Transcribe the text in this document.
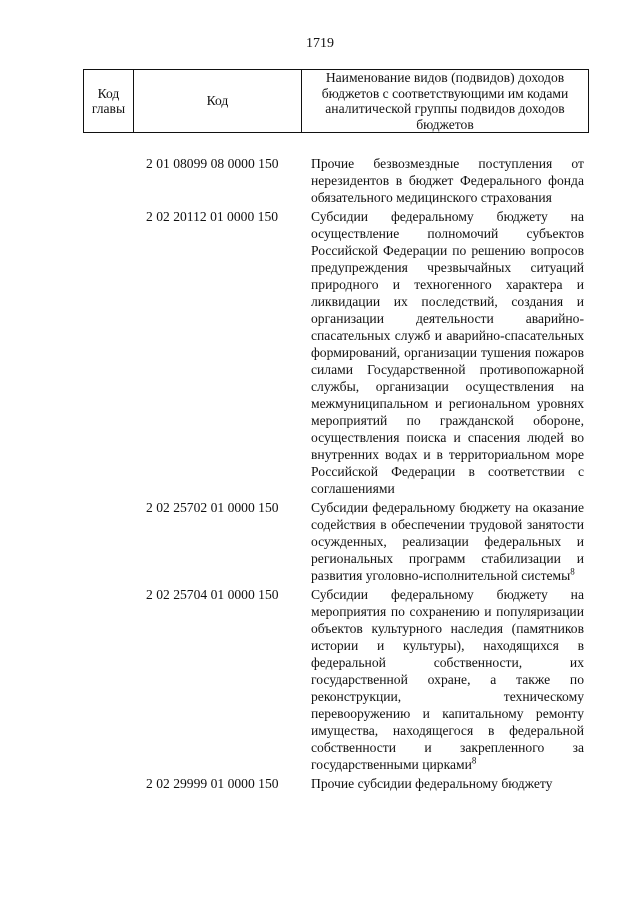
1719
Код главы	Код	Наименование видов (подвидов) доходов бюджетов с соответствующими им кодами аналитической группы подвидов доходов бюджетов
2 01 08099 08 0000 150 Прочие безвозмездные поступления от нерезидентов в бюджет Федерального фонда обязательного медицинского страхования
2 02 20112 01 0000 150 Субсидии федеральному бюджету на осуществление полномочий субъектов Российской Федерации по решению вопросов предупреждения чрезвычайных ситуаций природного и техногенного характера и ликвидации их последствий, создания и организации деятельности аварийно-спасательных служб и аварийно-спасательных формирований, организации тушения пожаров силами Государственной противопожарной службы, организации осуществления на межмуниципальном и региональном уровнях мероприятий по гражданской обороне, осуществления поиска и спасения людей во внутренних водах и в территориальном море Российской Федерации в соответствии с соглашениями
2 02 25702 01 0000 150 Субсидии федеральному бюджету на оказание содействия в обеспечении трудовой занятости осужденных, реализации федеральных и региональных программ стабилизации и развития уголовно-исполнительной системы$^8$
2 02 25704 01 0000 150 Субсидии федеральному бюджету на мероприятия по сохранению и популяризации объектов культурного наследия (памятников истории и культуры), находящихся в федеральной собственности, их государственной охране, а также по реконструкции, техническому перевооружению и капитальному ремонту имущества, находящегося в федеральной собственности и закрепленного за государственными цирками$^8$
2 02 29999 01 0000 150 Прочие субсидии федеральному бюджету
